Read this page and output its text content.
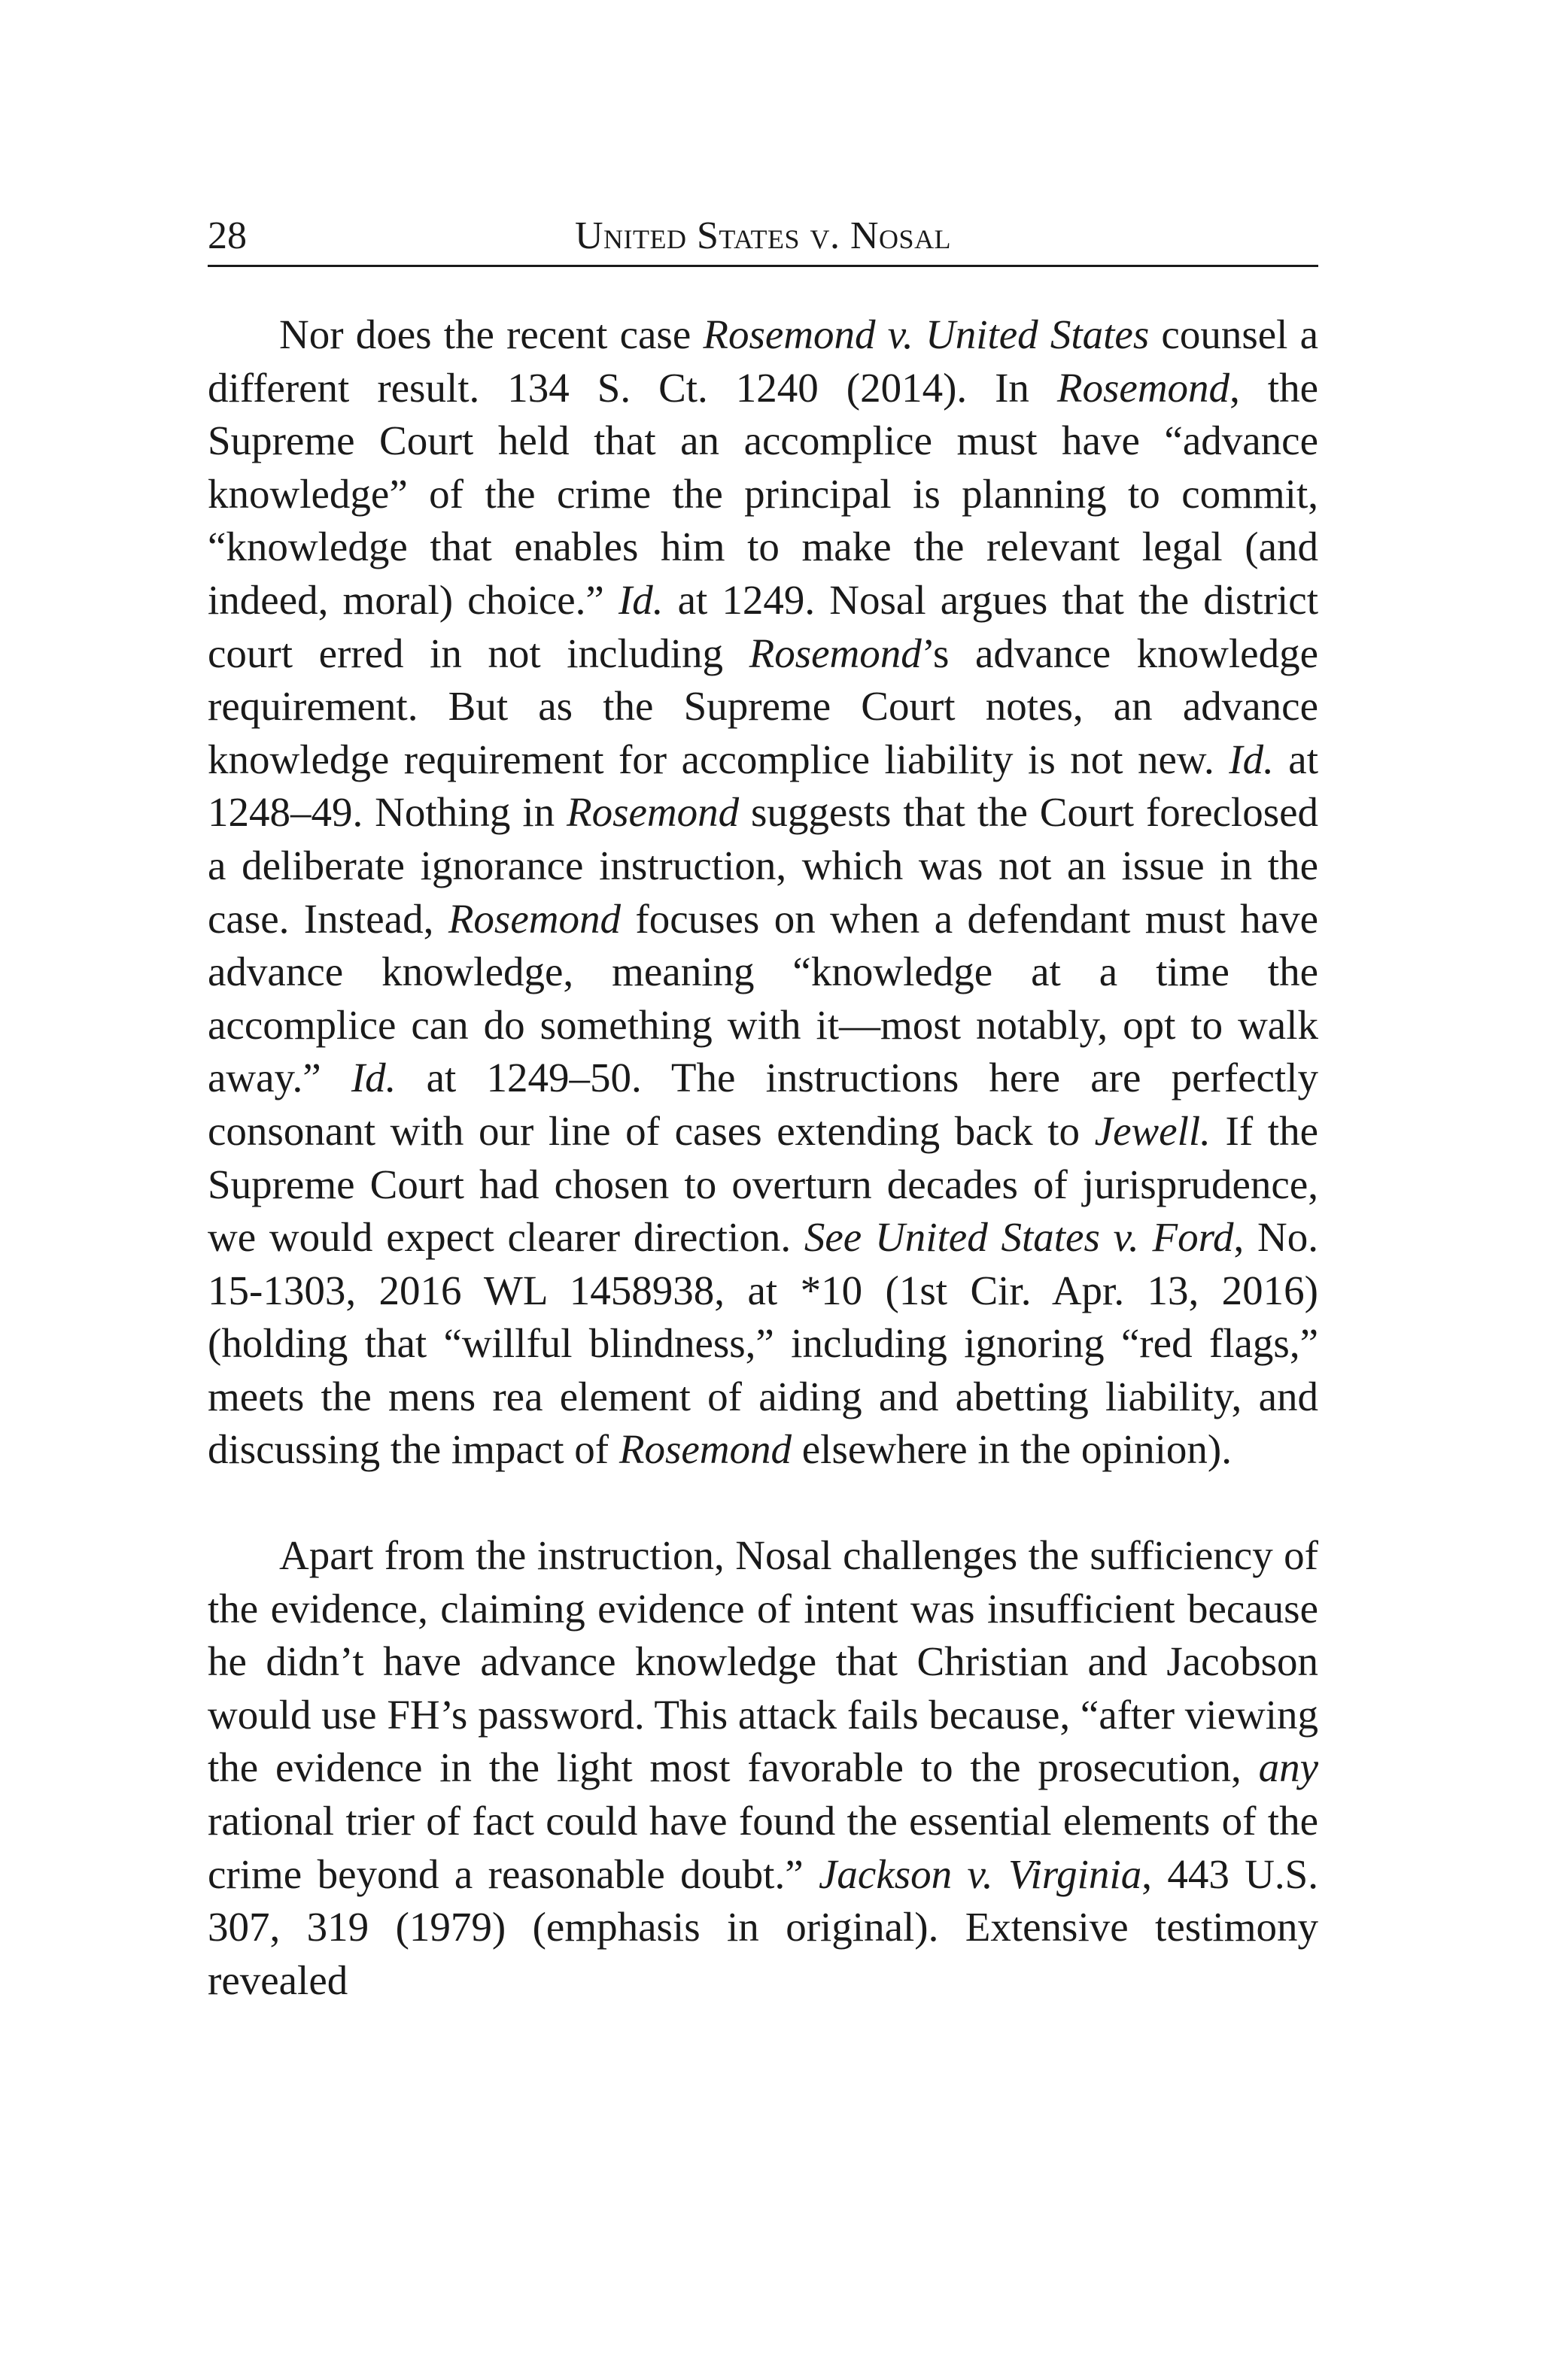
28	United States v. Nosal

Nor does the recent case Rosemond v. United States counsel a different result. 134 S. Ct. 1240 (2014). In Rosemond, the Supreme Court held that an accomplice must have “advance knowledge” of the crime the principal is planning to commit, “knowledge that enables him to make the relevant legal (and indeed, moral) choice.” Id. at 1249. Nosal argues that the district court erred in not including Rosemond’s advance knowledge requirement. But as the Supreme Court notes, an advance knowledge requirement for accomplice liability is not new. Id. at 1248–49. Nothing in Rosemond suggests that the Court foreclosed a deliberate ignorance instruction, which was not an issue in the case. Instead, Rosemond focuses on when a defendant must have advance knowledge, meaning “knowledge at a time the accomplice can do something with it—most notably, opt to walk away.” Id. at 1249–50. The instructions here are perfectly consonant with our line of cases extending back to Jewell. If the Supreme Court had chosen to overturn decades of jurisprudence, we would expect clearer direction. See United States v. Ford, No. 15-1303, 2016 WL 1458938, at *10 (1st Cir. Apr. 13, 2016) (holding that “willful blindness,” including ignoring “red flags,” meets the mens rea element of aiding and abetting liability, and discussing the impact of Rosemond elsewhere in the opinion).

Apart from the instruction, Nosal challenges the sufficiency of the evidence, claiming evidence of intent was insufficient because he didn’t have advance knowledge that Christian and Jacobson would use FH’s password. This attack fails because, “after viewing the evidence in the light most favorable to the prosecution, any rational trier of fact could have found the essential elements of the crime beyond a reasonable doubt.” Jackson v. Virginia, 443 U.S. 307, 319 (1979) (emphasis in original). Extensive testimony revealed
